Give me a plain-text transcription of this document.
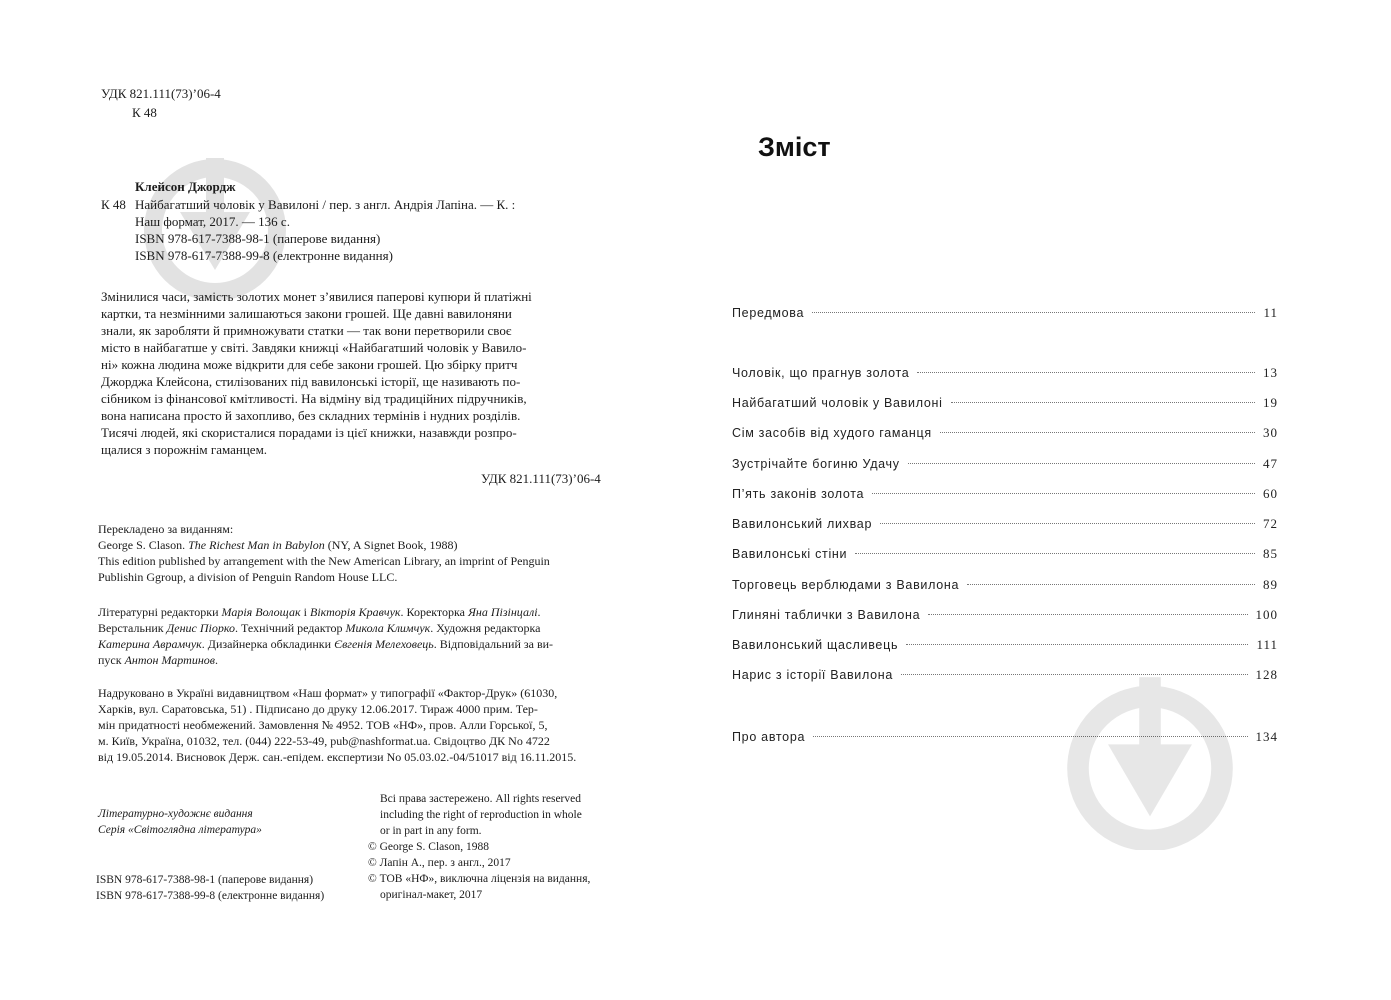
УДК 821.111(73)’06-4
К 48
Клейсон Джордж
К 48 Найбагатший чоловік у Вавилоні / пер. з англ. Андрія Лапіна. — К. :
Наш формат, 2017. — 136 с.
ISBN 978-617-7388-98-1 (паперове видання)
ISBN 978-617-7388-99-8 (електронне видання)
Змінилися часи, замість золотих монет з’явилися паперові купюри й платіжні
картки, та незмінними залишаються закони грошей. Ще давні вавилоняни
знали, як заробляти й примножувати статки — так вони перетворили своє
місто в найбагатше у світі. Завдяки книжці «Найбагатший чоловік у Вавило-
ні» кожна людина може відкрити для себе закони грошей. Цю збірку притч
Джорджа Клейсона, стилізованих під вавилонські історії, ще називають по-
сібником із фінансової кмітливості. На відміну від традиційних підручників,
вона написана просто й захопливо, без складних термінів і нудних розділів.
Тисячі людей, які скористалися порадами із цієї книжки, назавжди розпро-
щалися з порожнім гаманцем.
УДК 821.111(73)’06-4
Перекладено за виданням:
George S. Clason. The Richest Man in Babylon (NY, A Signet Book, 1988)
This edition published by arrangement with the New American Library, an imprint of Penguin
Publishin Ggroup, a division of Penguin Random House LLC.
Літературні редакторки Марія Волощак і Вікторія Кравчук. Коректорка Яна Пізінцалі.
Верстальник Денис Піорко. Технічний редактор Микола Климчук. Художня редакторка
Катерина Аврамчук. Дизайнерка обкладинки Євгенія Мелеховець. Відповідальний за ви-
пуск Антон Мартинов.
Надруковано в Україні видавництвом «Наш формат» у типографії «Фактор-Друк» (61030,
Харків, вул. Саратовська, 51) . Підписано до друку 12.06.2017. Тираж 4000 прим. Тер-
мін придатності необмежений. Замовлення № 4952. ТОВ «НФ», пров. Алли Горської, 5,
м. Київ, Україна, 01032, тел. (044) 222-53-49, pub@nashformat.ua. Свідоцтво ДК No 4722
від 19.05.2014. Висновок Держ. сан.-епідем. експертизи No 05.03.02.-04/51017 від 16.11.2015.
Літературно-художнє видання
Серія «Світоглядна література»
ISBN 978-617-7388-98-1 (паперове видання)
ISBN 978-617-7388-99-8 (електронне видання)
Всі права застережено. All rights reserved
including the right of reproduction in whole
or in part in any form.
© George S. Clason, 1988
© Лапін А., пер. з англ., 2017
© ТОВ «НФ», виключна ліцензія на видання,
оригінал-макет, 2017
Зміст
Передмова	11
Чоловік, що прагнув золота	13
Найбагатший чоловік у Вавилоні	19
Сім засобів від худого гаманця	30
Зустрічайте богиню Удачу	47
П’ять законів золота	60
Вавилонський лихвар	72
Вавилонські стіни	85
Торговець верблюдами з Вавилона	89
Глиняні таблички з Вавилона	100
Вавилонський щасливець	111
Нарис з історії Вавилона	128
Про автора	134
